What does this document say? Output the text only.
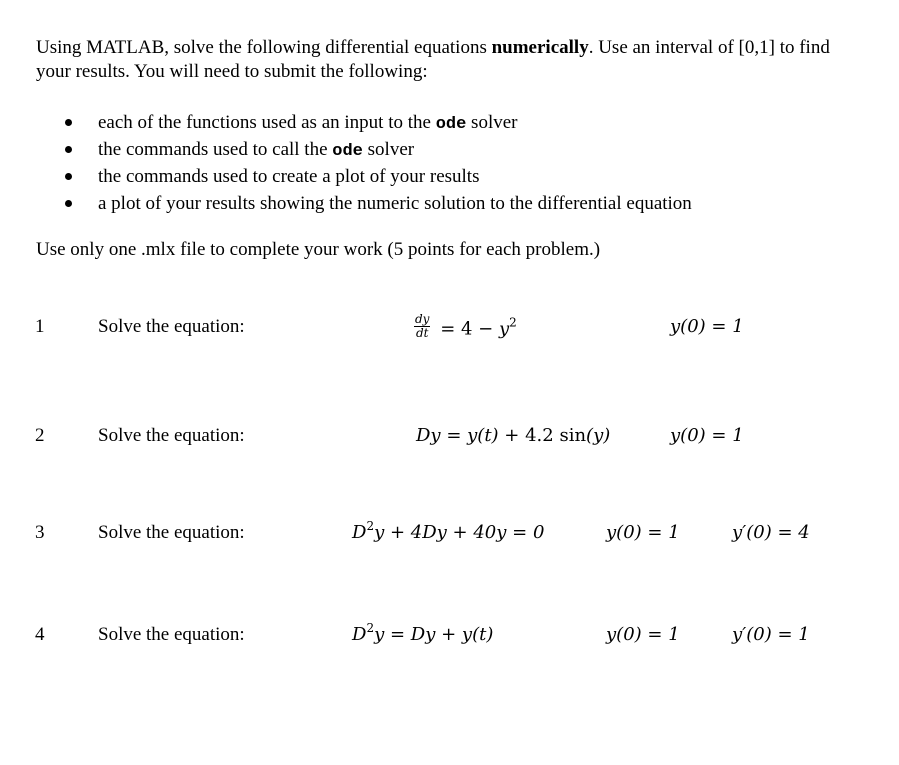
Using MATLAB, solve the following differential equations numerically. Use an interval of [0,1] to find your results. You will need to submit the following:

each of the functions used as an input to the ode solver
the commands used to call the ode solver
the commands used to create a plot of your results
a plot of your results showing the numeric solution to the differential equation

Use only one .mlx file to complete your work (5 points for each problem.)

1	Solve the equation:	$\frac{dy}{dt} = 4 - y^2$	y(0) = 1
2	Solve the equation:	Dy = y(t) + 4.2 sin(y)	y(0) = 1
3	Solve the equation:	$D^2y + 4Dy + 40y = 0$	y(0) = 1	y′(0) = 4
4	Solve the equation:	$D^2y = Dy + y(t)$	y(0) = 1	y′(0) = 1
